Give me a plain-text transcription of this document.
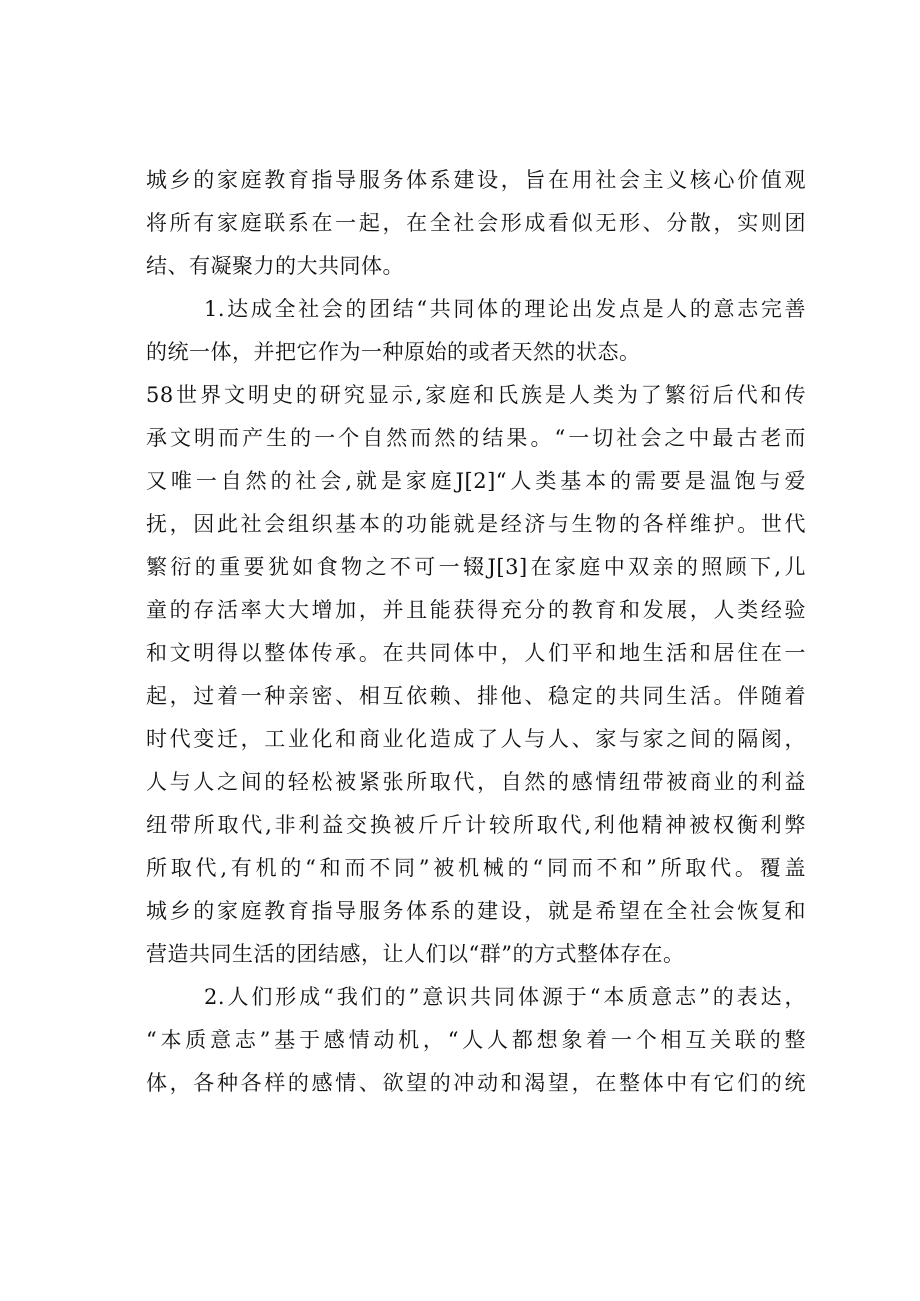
城乡的家庭教育指导服务体系建设，旨在用社会主义核心价值观
将所有家庭联系在一起，在全社会形成看似无形、分散，实则团
结、有凝聚力的大共同体。
1.达成全社会的团结“共同体的理论出发点是人的意志完善
的统一体，并把它作为一种原始的或者天然的状态。
58世界文明史的研究显示,家庭和氏族是人类为了繁衍后代和传
承文明而产生的一个自然而然的结果。“一切社会之中最古老而
又唯一自然的社会,就是家庭J[2]“人类基本的需要是温饱与爱
抚，因此社会组织基本的功能就是经济与生物的各样维护。世代
繁衍的重要犹如食物之不可一辍J[3]在家庭中双亲的照顾下,儿
童的存活率大大增加，并且能获得充分的教育和发展，人类经验
和文明得以整体传承。在共同体中，人们平和地生活和居住在一
起，过着一种亲密、相互依赖、排他、稳定的共同生活。伴随着
时代变迁，工业化和商业化造成了人与人、家与家之间的隔阂，
人与人之间的轻松被紧张所取代，自然的感情纽带被商业的利益
纽带所取代,非利益交换被斤斤计较所取代,利他精神被权衡利弊
所取代,有机的“和而不同”被机械的“同而不和”所取代。覆盖
城乡的家庭教育指导服务体系的建设，就是希望在全社会恢复和
营造共同生活的团结感，让人们以“群”的方式整体存在。
2.人们形成“我们的”意识共同体源于“本质意志”的表达，
“本质意志”基于感情动机，“人人都想象着一个相互关联的整
体，各种各样的感情、欲望的冲动和渴望，在整体中有它们的统
